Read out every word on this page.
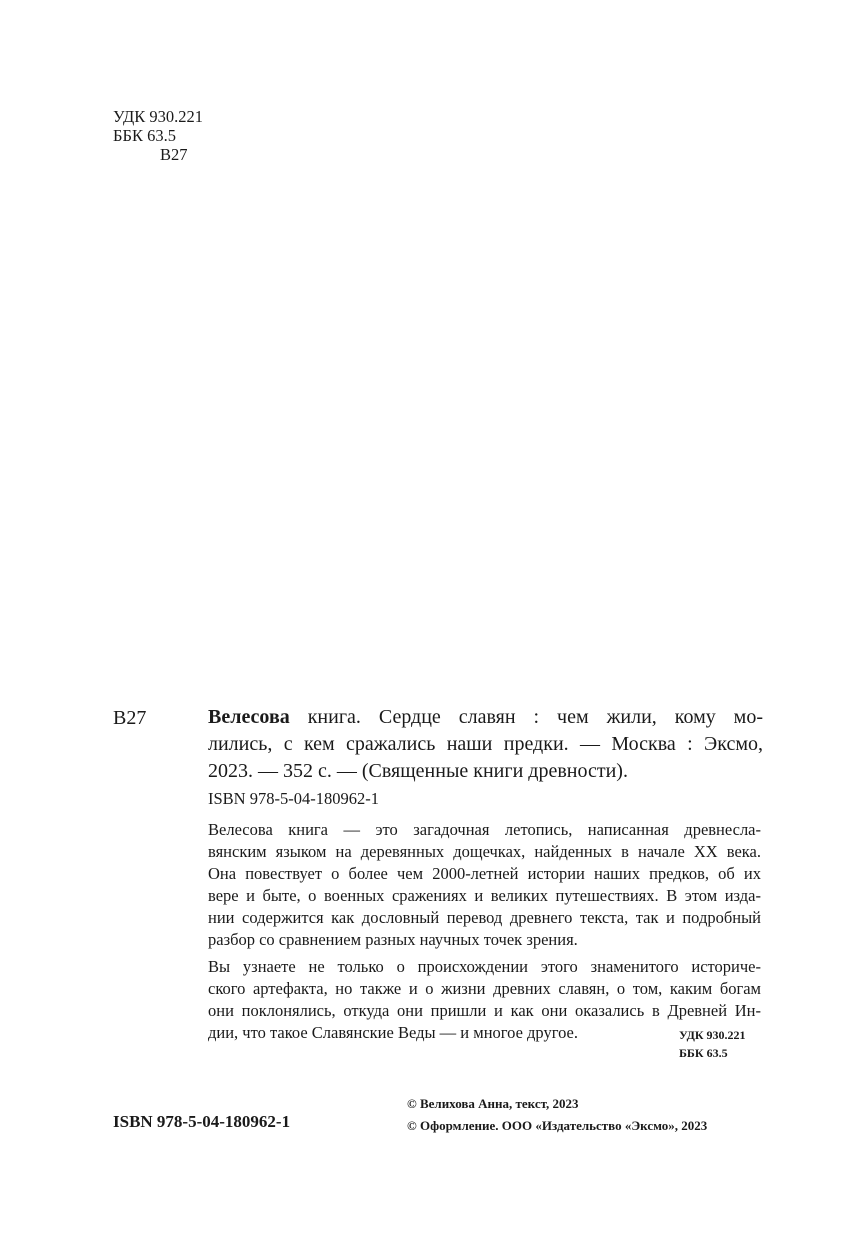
УДК 930.221
ББК 63.5
В27
В27	Велесова книга. Сердце славян : чем жили, кому мо-
лились, с кем сражались наши предки. — Москва : Эксмо,
2023. — 352 с. — (Священные книги древности).
ISBN 978-5-04-180962-1
Велесова книга — это загадочная летопись, написанная древнесла-
вянским языком на деревянных дощечках, найденных в начале XX века.
Она повествует о более чем 2000-летней истории наших предков, об их
вере и быте, о военных сражениях и великих путешествиях. В этом изда-
нии содержится как дословный перевод древнего текста, так и подробный
разбор со сравнением разных научных точек зрения.
Вы узнаете не только о происхождении этого знаменитого историче-
ского артефакта, но также и о жизни древних славян, о том, каким богам
они поклонялись, откуда они пришли и как они оказались в Древней Ин-
дии, что такое Славянские Веды — и многое другое.	УДК 930.221
ББК 63.5
ISBN 978-5-04-180962-1
© Велихова Анна, текст, 2023
© Оформление. ООО «Издательство «Эксмо», 2023
